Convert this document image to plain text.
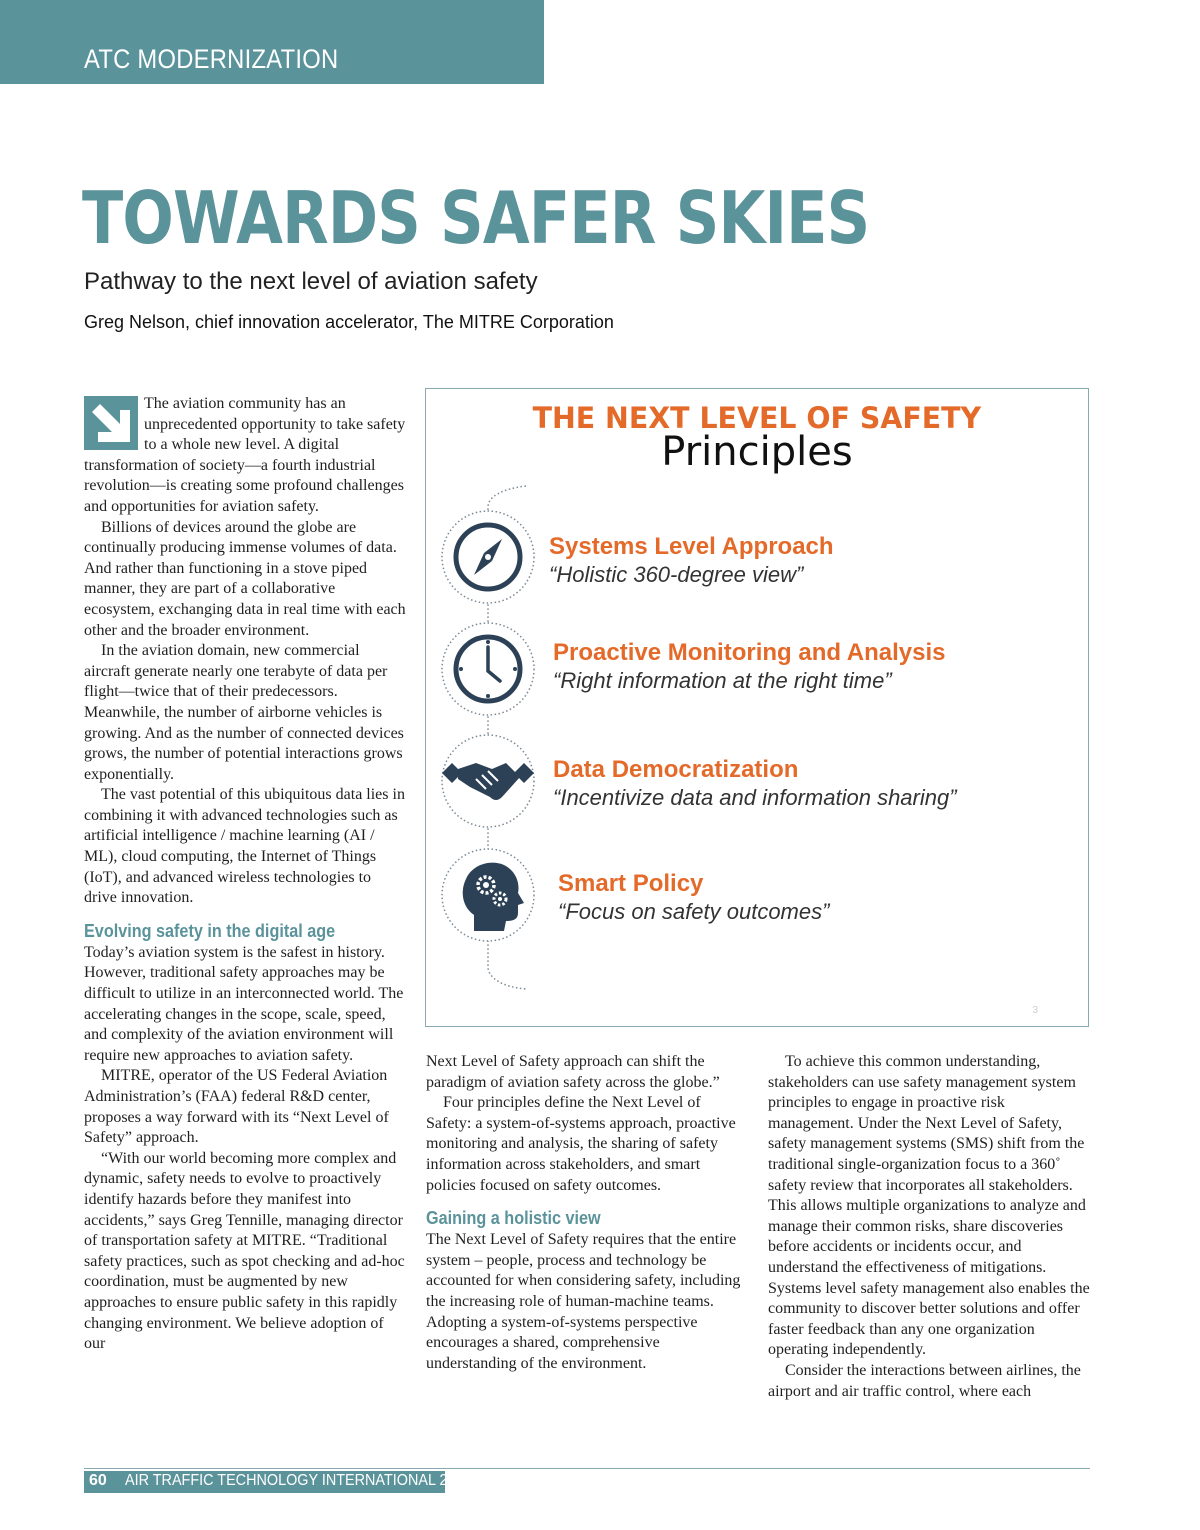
ATC MODERNIZATION
TOWARDS SAFER SKIES
Pathway to the next level of aviation safety
Greg Nelson, chief innovation accelerator, The MITRE Corporation

The aviation community has an unprecedented opportunity to take safety to a whole new level. A digital transformation of society—a fourth industrial revolution—is creating some profound challenges and opportunities for aviation safety.

Billions of devices around the globe are continually producing immense volumes of data. And rather than functioning in a stove piped manner, they are part of a collaborative ecosystem, exchanging data in real time with each other and the broader environment.

In the aviation domain, new commercial aircraft generate nearly one terabyte of data per flight—twice that of their predecessors. Meanwhile, the number of airborne vehicles is growing. And as the number of connected devices grows, the number of potential interactions grows exponentially.

The vast potential of this ubiquitous data lies in combining it with advanced technologies such as artificial intelligence / machine learning (AI / ML), cloud computing, the Internet of Things (IoT), and advanced wireless technologies to drive innovation.

Evolving safety in the digital age

Today’s aviation system is the safest in history. However, traditional safety approaches may be difficult to utilize in an interconnected world. The accelerating changes in the scope, scale, speed, and complexity of the aviation environment will require new approaches to aviation safety.

MITRE, operator of the US Federal Aviation Administration’s (FAA) federal R&D center, proposes a way forward with its “Next Level of Safety” approach.

“With our world becoming more complex and dynamic, safety needs to evolve to proactively identify hazards before they manifest into accidents,” says Greg Tennille, managing director of transportation safety at MITRE. “Traditional safety practices, such as spot checking and ad-hoc coordination, must be augmented by new approaches to ensure public safety in this rapidly changing environment. We believe adoption of our

THE NEXT LEVEL OF SAFETY
Principles
Systems Level Approach
“Holistic 360-degree view”
Proactive Monitoring and Analysis
“Right information at the right time”
Data Democratization
“Incentivize data and information sharing”
Smart Policy
“Focus on safety outcomes”
3

Next Level of Safety approach can shift the paradigm of aviation safety across the globe.”

Four principles define the Next Level of Safety: a system-of-systems approach, proactive monitoring and analysis, the sharing of safety information across stakeholders, and smart policies focused on safety outcomes.

Gaining a holistic view

The Next Level of Safety requires that the entire system – people, process and technology be accounted for when considering safety, including the increasing role of human-machine teams. Adopting a system-of-systems perspective encourages a shared, comprehensive understanding of the environment.

To achieve this common understanding, stakeholders can use safety management system principles to engage in proactive risk management. Under the Next Level of Safety, safety management systems (SMS) shift from the traditional single-organization focus to a 360˚ safety review that incorporates all stakeholders. This allows multiple organizations to analyze and manage their common risks, share discoveries before accidents or incidents occur, and understand the effectiveness of mitigations. Systems level safety management also enables the community to discover better solutions and offer faster feedback than any one organization operating independently.

Consider the interactions between airlines, the airport and air traffic control, where each

60 AIR TRAFFIC TECHNOLOGY INTERNATIONAL 2023
